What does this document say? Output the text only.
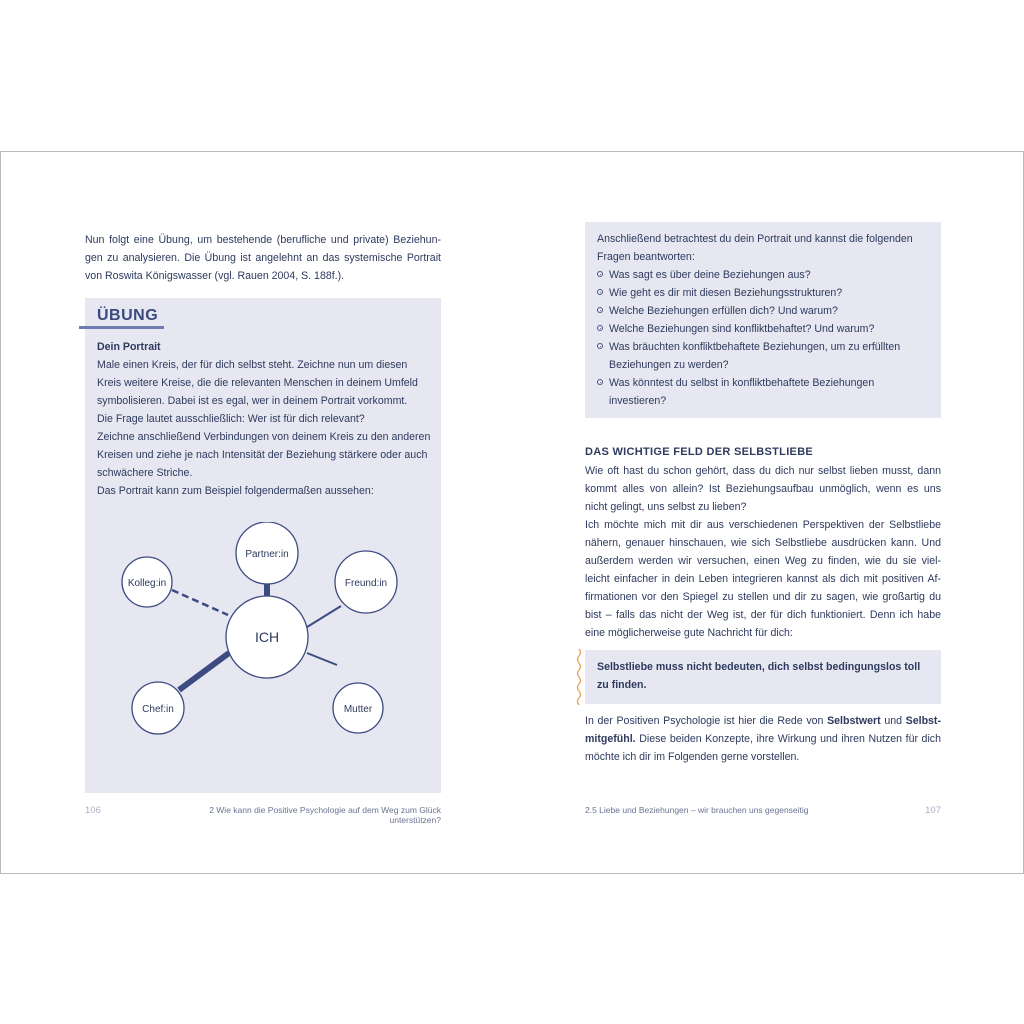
Nun folgt eine Übung, um bestehende (berufliche und private) Beziehun-
gen zu analysieren. Die Übung ist angelehnt an das systemische Portrait
von Roswita Königswasser (vgl. Rauen 2004, S. 188f.).
ÜBUNG
Dein Portrait
Male einen Kreis, der für dich selbst steht. Zeichne nun um diesen
Kreis weitere Kreise, die die relevanten Menschen in deinem Umfeld
symbolisieren. Dabei ist es egal, wer in deinem Portrait vorkommt.
Die Frage lautet ausschließlich: Wer ist für dich relevant?
Zeichne anschließend Verbindungen von deinem Kreis zu den anderen
Kreisen und ziehe je nach Intensität der Beziehung stärkere oder auch
schwächere Striche.
Das Portrait kann zum Beispiel folgendermaßen aussehen:
Partner:in
Freund:in
Kolleg:in
ICH
Chef:in	Mutter
106	2 Wie kann die Positive Psychologie auf dem Weg zum Glück unterstützen?
Anschließend betrachtest du dein Portrait und kannst die folgenden
Fragen beantworten:
Was sagt es über deine Beziehungen aus?
Wie geht es dir mit diesen Beziehungsstrukturen?
Welche Beziehungen erfüllen dich? Und warum?
Welche Beziehungen sind konfliktbehaftet? Und warum?
Was bräuchten konfliktbehaftete Beziehungen, um zu erfüllten
Beziehungen zu werden?
Was könntest du selbst in konfliktbehaftete Beziehungen
investieren?
DAS WICHTIGE FELD DER SELBSTLIEBE
Wie oft hast du schon gehört, dass du dich nur selbst lieben musst, dann
kommt alles von allein? Ist Beziehungsaufbau unmöglich, wenn es uns
nicht gelingt, uns selbst zu lieben?
Ich möchte mich mit dir aus verschiedenen Perspektiven der Selbstliebe
nähern, genauer hinschauen, wie sich Selbstliebe ausdrücken kann. Und
außerdem werden wir versuchen, einen Weg zu finden, wie du sie viel-
leicht einfacher in dein Leben integrieren kannst als dich mit positiven Af-
firmationen vor den Spiegel zu stellen und dir zu sagen, wie großartig du
bist – falls das nicht der Weg ist, der für dich funktioniert. Denn ich habe
eine möglicherweise gute Nachricht für dich:
Selbstliebe muss nicht bedeuten, dich selbst bedingungslos toll
zu finden.
In der Positiven Psychologie ist hier die Rede von Selbstwert und Selbst-
mitgefühl. Diese beiden Konzepte, ihre Wirkung und ihren Nutzen für dich
möchte ich dir im Folgenden gerne vorstellen.
2.5 Liebe und Beziehungen – wir brauchen uns gegenseitig	107
